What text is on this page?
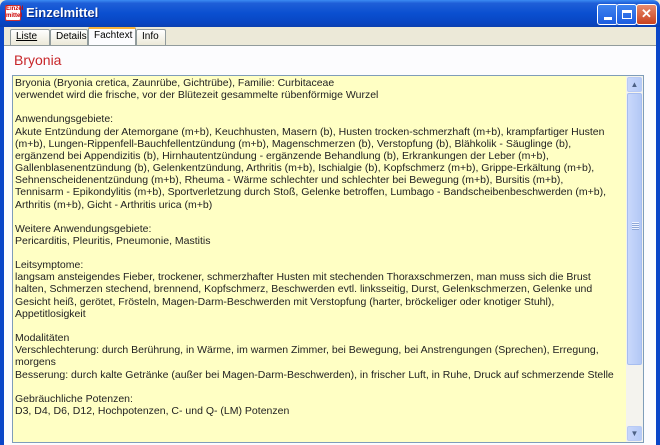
Einzel mittel Einzelmittel	✕
Liste	Details Fachtext Info
Bryonia

Bryonia (Bryonia cretica, Zaunrübe, Gichtrübe), Familie: Curbitaceae
verwendet wird die frische, vor der Blütezeit gesammelte rübenförmige Wurzel

Anwendungsgebiete:
Akute Entzündung der Atemorgane (m+b), Keuchhusten, Masern (b), Husten trocken-schmerzhaft (m+b), krampfartiger Husten
(m+b), Lungen-Rippenfell-Bauchfellentzündung (m+b), Magenschmerzen (b), Verstopfung (b), Blähkolik - Säuglinge (b),
ergänzend bei Appendizitis (b), Hirnhautentzündung - ergänzende Behandlung (b), Erkrankungen der Leber (m+b),
Gallenblasenentzündung (b), Gelenkentzündung, Arthritis (m+b), Ischialgie (b), Kopfschmerz (m+b), Grippe-Erkältung (m+b),
Sehnenscheidenentzündung (m+b), Rheuma - Wärme schlechter und schlechter bei Bewegung (m+b), Bursitis (m+b),
Tennisarm - Epikondylitis (m+b), Sportverletzung durch Stoß, Gelenke betroffen, Lumbago - Bandscheibenbeschwerden (m+b),
Arthritis (m+b), Gicht - Arthritis urica (m+b)

Weitere Anwendungsgebiete:
Pericarditis, Pleuritis, Pneumonie, Mastitis

Leitsymptome:
langsam ansteigendes Fieber, trockener, schmerzhafter Husten mit stechenden Thoraxschmerzen, man muss sich die Brust
halten, Schmerzen stechend, brennend, Kopfschmerz, Beschwerden evtl. linksseitig, Durst, Gelenkschmerzen, Gelenke und
Gesicht heiß, gerötet, Frösteln, Magen-Darm-Beschwerden mit Verstopfung (harter, bröckeliger oder knotiger Stuhl),
Appetitlosigkeit

Modalitäten
Verschlechterung: durch Berührung, in Wärme, im warmen Zimmer, bei Bewegung, bei Anstrengungen (Sprechen), Erregung,
morgens
Besserung: durch kalte Getränke (außer bei Magen-Darm-Beschwerden), in frischer Luft, in Ruhe, Druck auf schmerzende Stelle

Gebräuchliche Potenzen:
D3, D4, D6, D12, Hochpotenzen, C- und Q- (LM) Potenzen

▲
▼
